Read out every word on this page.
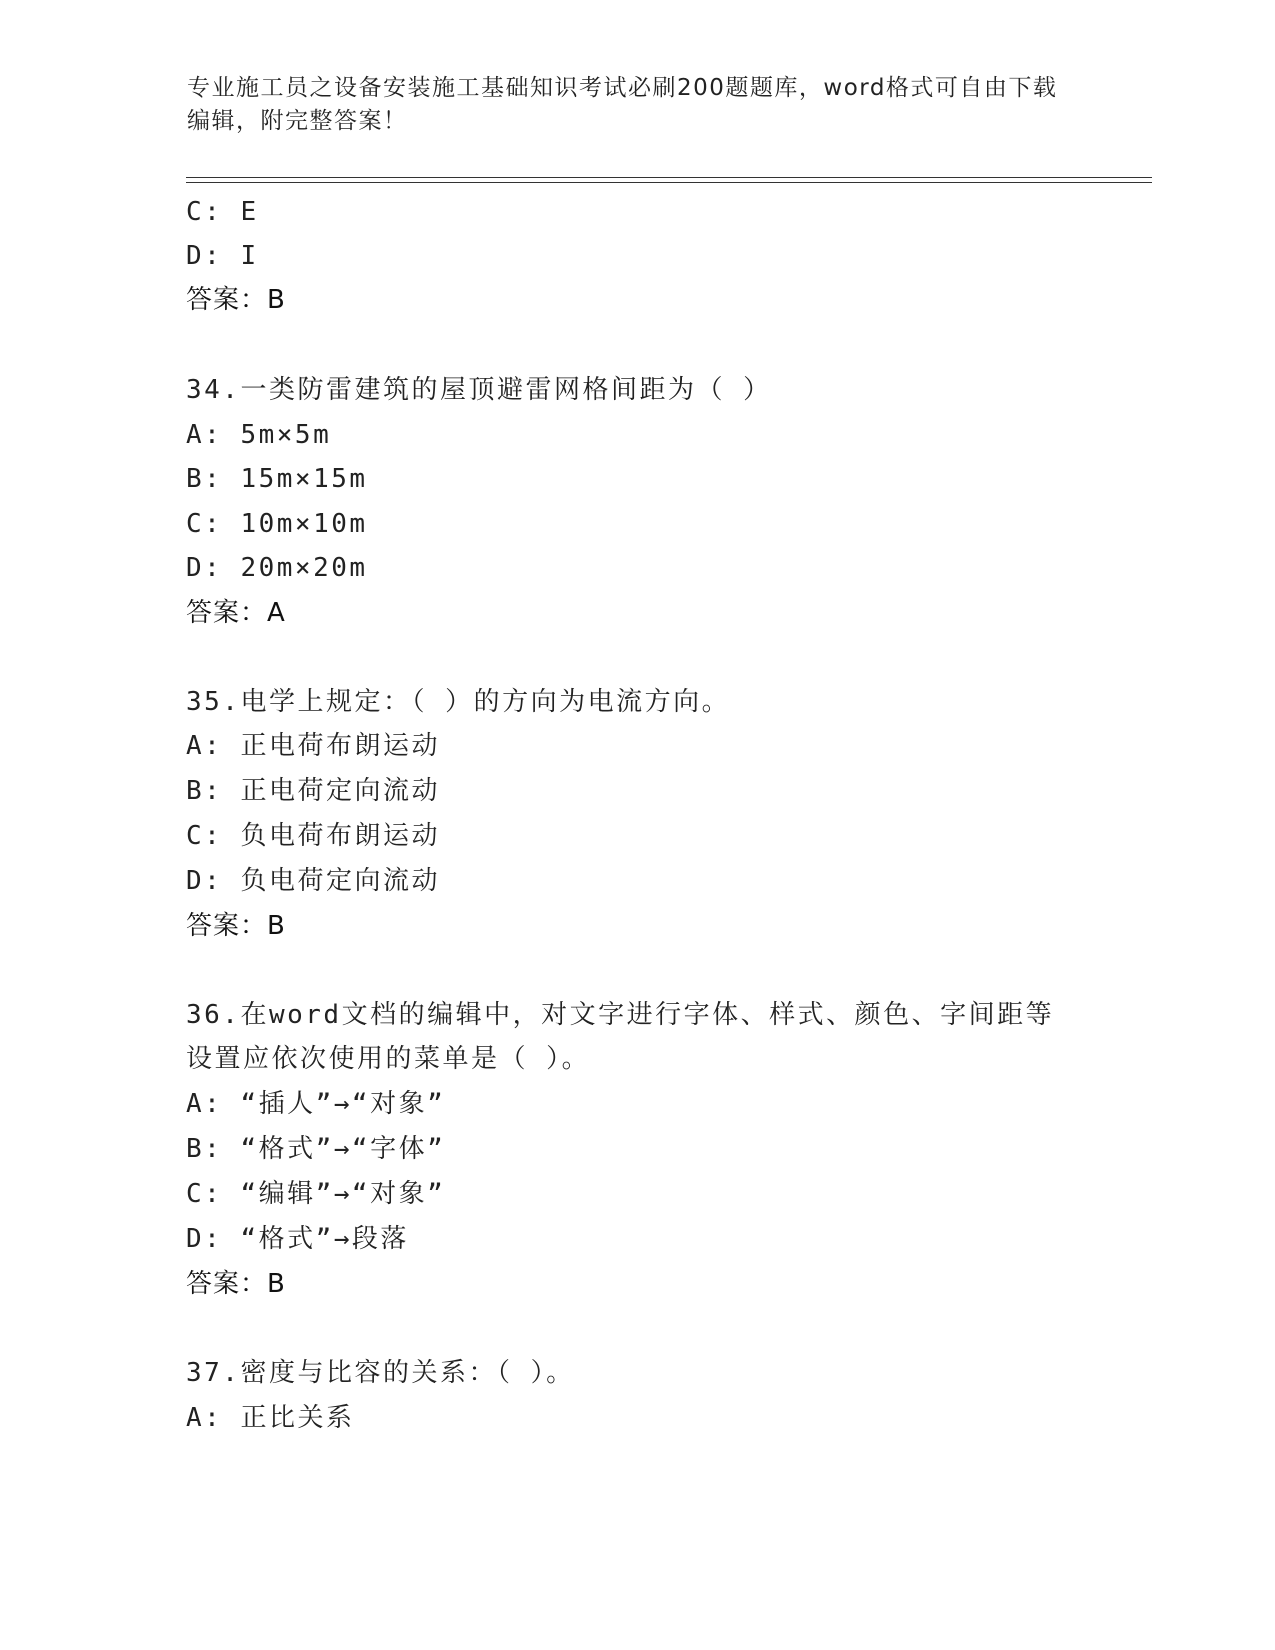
专业施工员之设备安装施工基础知识考试必刷200题题库，word格式可自由下载
编辑，附完整答案！
C: E
D: I
答案：B
34.一类防雷建筑的屋顶避雷网格间距为（ ）
A: 5m×5m
B: 15m×15m
C: 10m×10m
D: 20m×20m
答案：A
35.电学上规定：（ ）的方向为电流方向。
A: 正电荷布朗运动
B: 正电荷定向流动
C: 负电荷布朗运动
D: 负电荷定向流动
答案：B
36.在word文档的编辑中，对文字进行字体、样式、颜色、字间距等
设置应依次使用的菜单是（ ）。
A: “插人”→“对象”
B: “格式”→“字体”
C: “编辑”→“对象”
D: “格式”→段落
答案：B
37.密度与比容的关系：（ ）。
A: 正比关系
